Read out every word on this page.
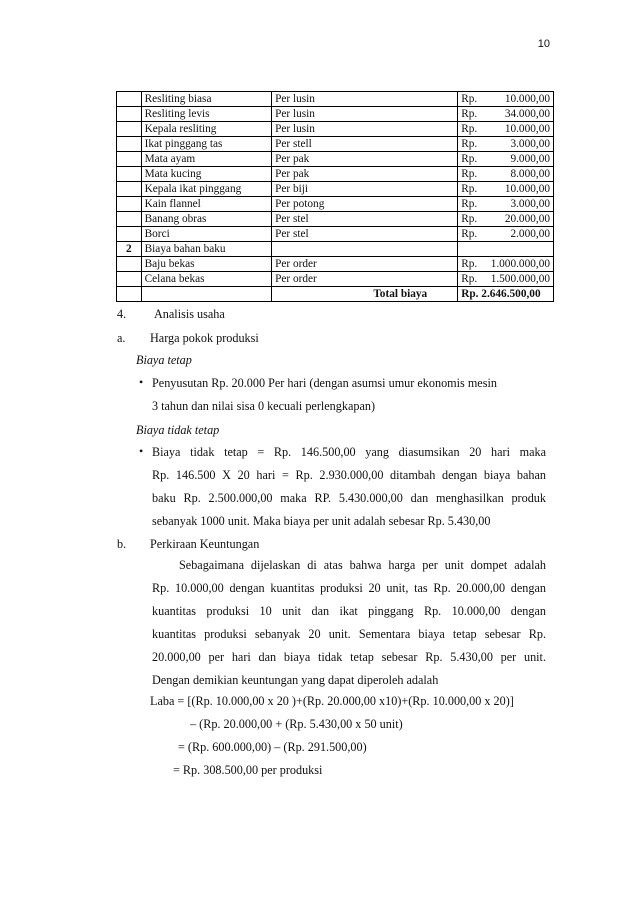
10
	Resliting biasa	Per lusin	Rp. 10.000,00

	Resliting levis	Per lusin	Rp. 34.000,00

	Kepala resliting	Per lusin	Rp. 10.000,00

	Ikat pinggang tas	Per stell	Rp. 3.000,00

	Mata ayam	Per pak	Rp. 9.000,00

	Mata kucing	Per pak	Rp. 8.000,00

	Kepala ikat pinggang	Per biji	Rp. 10.000,00

	Kain flannel	Per potong	Rp. 3.000,00

	Banang obras	Per stel	Rp. 20.000,00

	Borci	Per stel	Rp. 2.000,00

2	Biaya bahan baku		

	Baju bekas	Per order	Rp. 1.000.000,00

	Celana bekas	Per order	Rp. 1.500.000,00

		Total biaya	Rp. 2.646.500,00
4. Analisis usaha
a. Harga pokok produksi
Biaya tetap
• Penyusutan Rp. 20.000 Per hari (dengan asumsi umur ekonomis mesin
3 tahun dan nilai sisa 0 kecuali perlengkapan)
Biaya tidak tetap
• Biaya tidak tetap = Rp. 146.500,00 yang diasumsikan 20 hari maka
Rp. 146.500 X 20 hari = Rp. 2.930.000,00 ditambah dengan biaya bahan
baku Rp. 2.500.000,00 maka RP. 5.430.000,00 dan menghasilkan produk
sebanyak 1000 unit. Maka biaya per unit adalah sebesar Rp. 5.430,00
b. Perkiraan Keuntungan
Sebagaimana dijelaskan di atas bahwa harga per unit dompet adalah
Rp. 10.000,00 dengan kuantitas produksi 20 unit, tas Rp. 20.000,00 dengan
kuantitas produksi 10 unit dan ikat pinggang Rp. 10.000,00 dengan
kuantitas produksi sebanyak 20 unit. Sementara biaya tetap sebesar Rp.
20.000,00 per hari dan biaya tidak tetap sebesar Rp. 5.430,00 per unit.
Dengan demikian keuntungan yang dapat diperoleh adalah
Laba = [(Rp. 10.000,00 x 20 )+(Rp. 20.000,00 x10)+(Rp. 10.000,00 x 20)]
– (Rp. 20.000,00 + (Rp. 5.430,00 x 50 unit)
= (Rp. 600.000,00) – (Rp. 291.500,00)
= Rp. 308.500,00 per produksi
